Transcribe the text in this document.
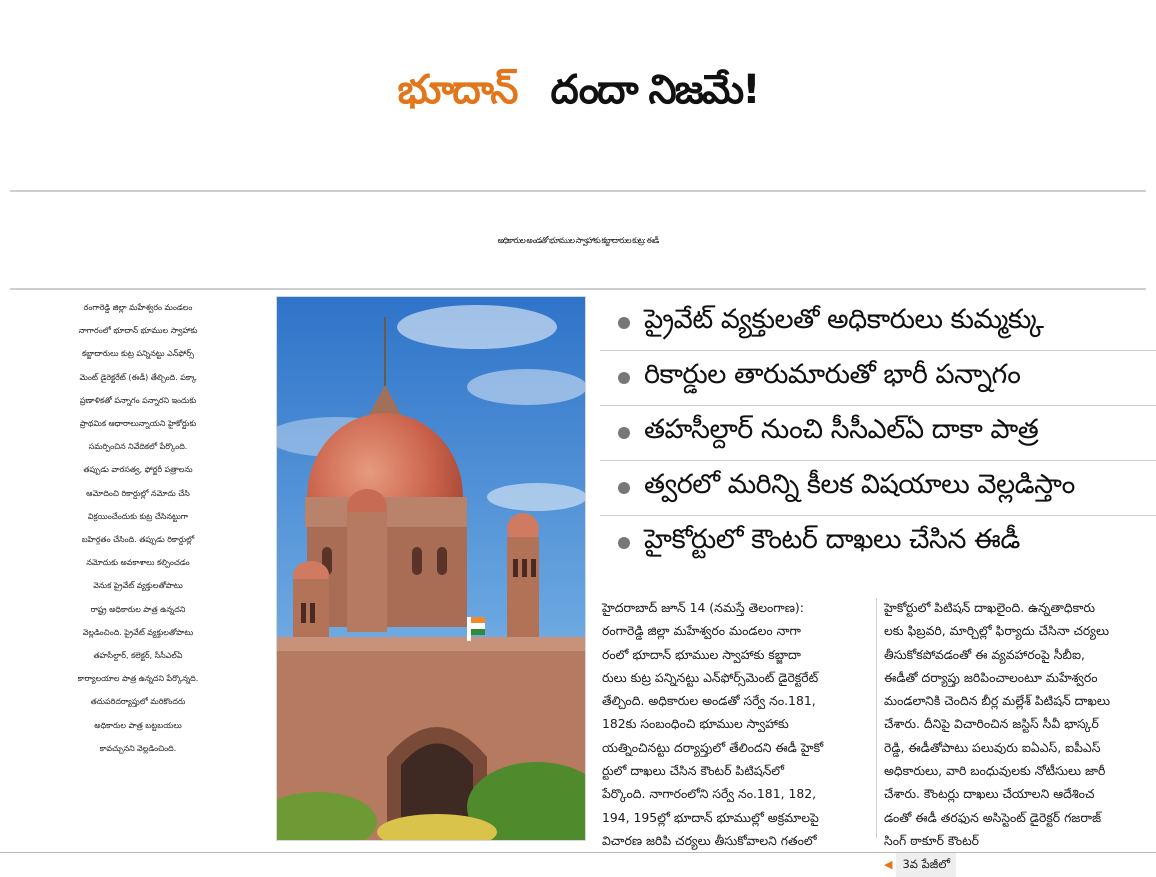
భూదాన్ దందా నిజమే!
అధికారుల అండతో భూముల స్వాహాకు కబ్జాదారుల కుట్ర: ఈడీ

రంగారెడ్డి జిల్లా మహేశ్వరం మండలం

నాగారంలో భూదాన్ భూముల స్వాహాకు

కబ్జాదారులు కుట్ర పన్నినట్టు ఎన్‌ఫోర్స్

మెంట్ డైరెక్టరేట్ (ఈడీ) తేల్చింది. పక్కా

ప్రణాళికతో పన్నాగం పన్నారని ఇందుకు

ప్రాథమిక ఆధారాలున్నాయని హైకోర్టుకు

సమర్పించిన నివేదికలో పేర్కొంది.

తప్పుడు వారసత్వ, ఫోర్జరీ పత్రాలను

ఆమోదించి రికార్డుల్లో నమోదు చేసి

విక్రయించేందుకు కుట్ర చేసినట్టుగా

బహిర్గతం చేసింది. తప్పుడు రికార్డుల్లో

నమోదుకు అవకాశాలు కల్పించడం

వెనుక ప్రైవేట్ వ్యక్తులతోపాటు

రాష్ట్ర అధికారుల పాత్ర ఉన్నదని

వెల్లడించింది. ప్రైవేట్ వ్యక్తులతోపాటు

తహసీల్దార్, కలెక్టర్, సీసీఎల్‌ఏ

కార్యాలయాల పాత్ర ఉన్నదని పేర్కొన్నది.

తదుపరిదర్యాప్తులో మరికొందరు

అధికారుల పాత్ర బట్టబయలు

కావచ్చునని వెల్లడించింది.

ప్రైవేట్ వ్యక్తులతో అధికారులు కుమ్మక్కు
రికార్డుల తారుమారుతో భారీ పన్నాగం
తహసీల్దార్ నుంచి సీసీఎల్‌ఏ దాకా పాత్ర
త్వరలో మరిన్ని కీలక విషయాలు వెల్లడిస్తాం
హైకోర్టులో కౌంటర్ దాఖలు చేసిన ఈడీ

హైదరాబాద్ జూన్ 14 (నమస్తే తెలంగాణ):

రంగారెడ్డి జిల్లా మహేశ్వరం మండలం నాగా

రంలో భూదాన్ భూముల స్వాహాకు కబ్జాదా

రులు కుట్ర పన్నినట్టు ఎన్‌ఫోర్స్‌మెంట్ డైరెక్టరేట్

తేల్చింది. అధికారుల అండతో సర్వే నం.181,

182కు సంబంధించి భూముల స్వాహాకు

యత్నించినట్టు దర్యాప్తులో తేలిందని ఈడీ హైకో

ర్టులో దాఖలు చేసిన కౌంటర్ పిటిషన్‌లో

పేర్కొంది. నాగారంలోని సర్వే నం.181, 182,

194, 195ల్లో భూదాన్ భూముల్లో అక్రమాలపై

విచారణ జరిపి చర్యలు తీసుకోవాలని గతంలో

హైకోర్టులో పిటిషన్ దాఖలైంది. ఉన్నతాధికారు

లకు ఫిబ్రవరి, మార్చిల్లో ఫిర్యాదు చేసినా చర్యలు

తీసుకోకపోవడంతో ఈ వ్యవహారంపై సీబీఐ,

ఈడీతో దర్యాప్తు జరిపించాలంటూ మహేశ్వరం

మండలానికి చెందిన బీర్ల మల్లేశ్ పిటిషన్ దాఖలు

చేశారు. దీనిపై విచారించిన జస్టిస్ సీవీ భాస్కర్

రెడ్డి, ఈడీతోపాటు పలువురు ఐఏఎస్, ఐపీఎస్

అధికారులు, వారి బంధువులకు నోటీసులు జారీ

చేశారు. కౌంటర్లు దాఖలు చేయాలని ఆదేశించ

డంతో ఈడీ తరఫున అసిస్టెంట్ డైరెక్టర్ గజరాజ్

సింగ్ ఠాకూర్ కౌంటర్

◀ 3వ పేజీలో
